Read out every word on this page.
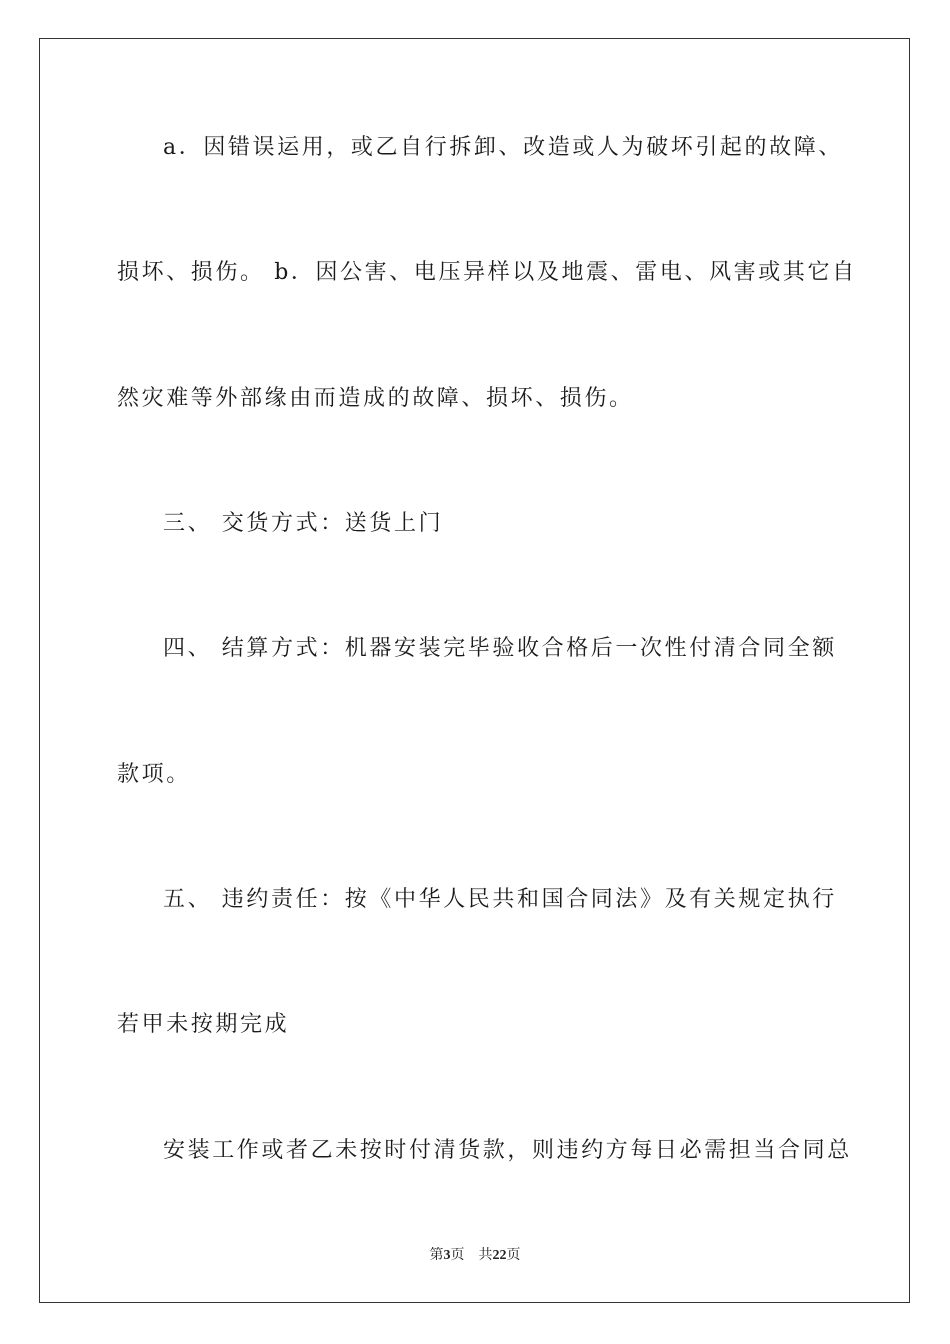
a．因错误运用，或乙自行拆卸、改造或人为破坏引起的故障、
损坏、损伤。 b．因公害、电压异样以及地震、雷电、风害或其它自
然灾难等外部缘由而造成的故障、损坏、损伤。
三、 交货方式：送货上门
四、 结算方式：机器安装完毕验收合格后一次性付清合同全额
款项。
五、 违约责任：按《中华人民共和国合同法》及有关规定执行
若甲未按期完成
安装工作或者乙未按时付清货款，则违约方每日必需担当合同总
第3页 共22页
